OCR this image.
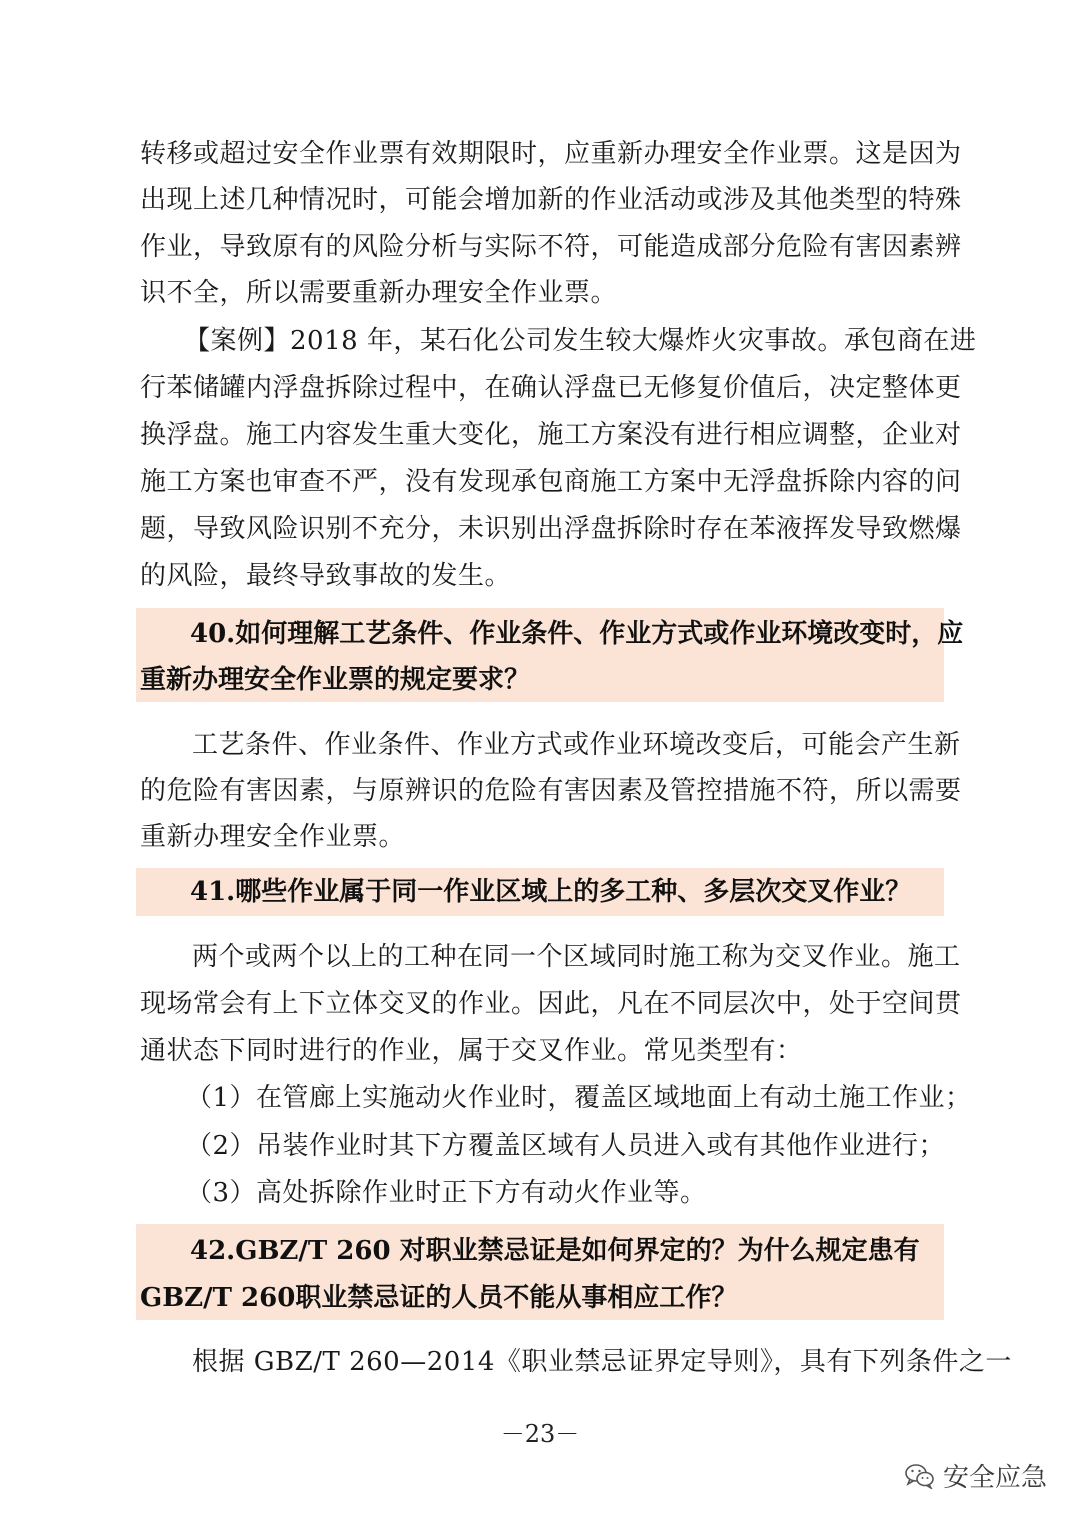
转移或超过安全作业票有效期限时，应重新办理安全作业票。这是因为
出现上述几种情况时，可能会增加新的作业活动或涉及其他类型的特殊
作业，导致原有的风险分析与实际不符，可能造成部分危险有害因素辨
识不全，所以需要重新办理安全作业票。
【案例】2018 年，某石化公司发生较大爆炸火灾事故。承包商在进
行苯储罐内浮盘拆除过程中，在确认浮盘已无修复价值后，决定整体更
换浮盘。施工内容发生重大变化，施工方案没有进行相应调整，企业对
施工方案也审查不严，没有发现承包商施工方案中无浮盘拆除内容的问
题，导致风险识别不充分，未识别出浮盘拆除时存在苯液挥发导致燃爆
的风险，最终导致事故的发生。
40.如何理解工艺条件、作业条件、作业方式或作业环境改变时，应
重新办理安全作业票的规定要求？
工艺条件、作业条件、作业方式或作业环境改变后，可能会产生新
的危险有害因素，与原辨识的危险有害因素及管控措施不符，所以需要
重新办理安全作业票。
41.哪些作业属于同一作业区域上的多工种、多层次交叉作业？
两个或两个以上的工种在同一个区域同时施工称为交叉作业。施工
现场常会有上下立体交叉的作业。因此，凡在不同层次中，处于空间贯
通状态下同时进行的作业，属于交叉作业。常见类型有：
（1）在管廊上实施动火作业时，覆盖区域地面上有动土施工作业；
（2）吊装作业时其下方覆盖区域有人员进入或有其他作业进行；
（3）高处拆除作业时正下方有动火作业等。
42.GBZ/T 260 对职业禁忌证是如何界定的？为什么规定患有
GBZ/T 260职业禁忌证的人员不能从事相应工作？
根据 GBZ/T 260—2014《职业禁忌证界定导则》，具有下列条件之一
－23－
安全应急
